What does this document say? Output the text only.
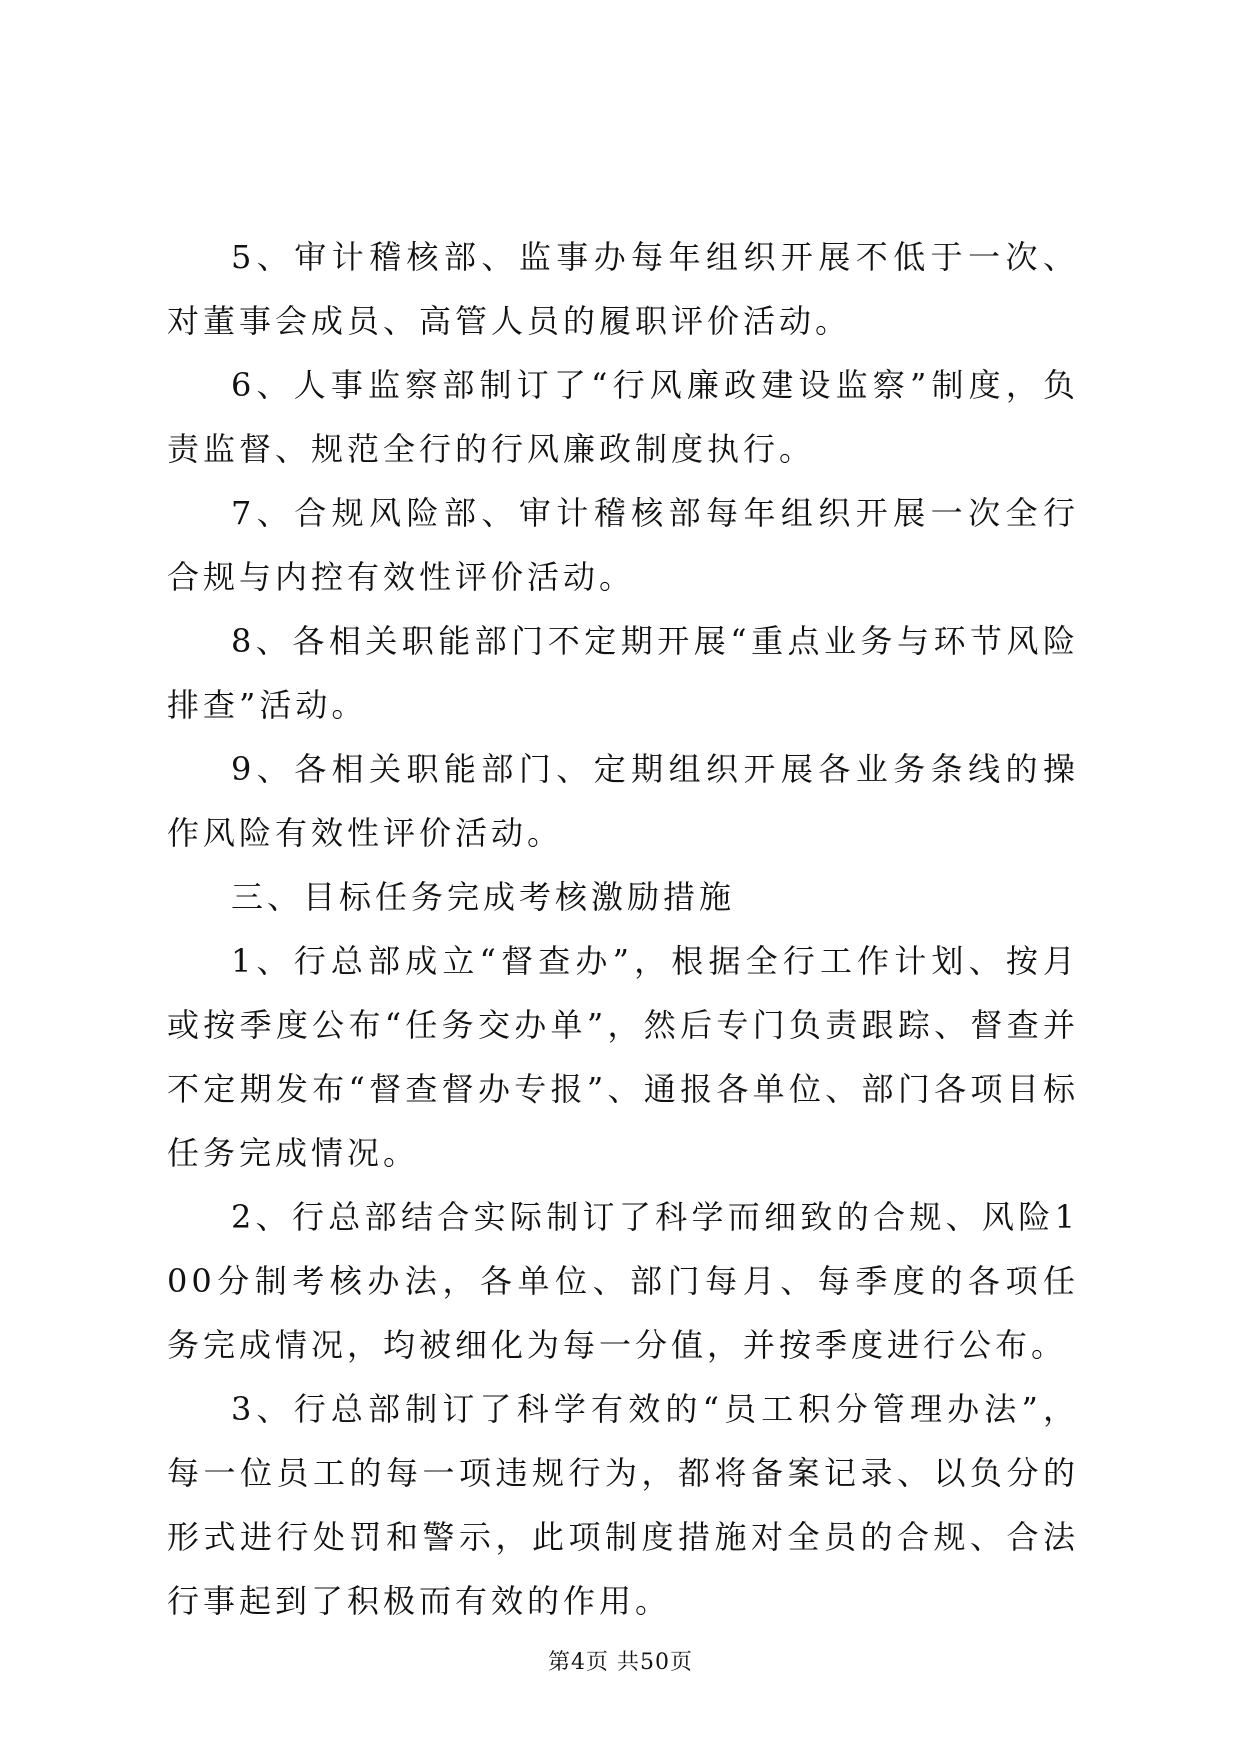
5、审计稽核部、监事办每年组织开展不低于一次、对董事会成员、高管人员的履职评价活动。

6、人事监察部制订了“行风廉政建设监察”制度，负责监督、规范全行的行风廉政制度执行。

7、合规风险部、审计稽核部每年组织开展一次全行合规与内控有效性评价活动。

8、各相关职能部门不定期开展“重点业务与环节风险排查”活动。

9、各相关职能部门、定期组织开展各业务条线的操作风险有效性评价活动。

三、目标任务完成考核激励措施

1、行总部成立“督查办”，根据全行工作计划、按月或按季度公布“任务交办单”，然后专门负责跟踪、督查并不定期发布“督查督办专报”、通报各单位、部门各项目标任务完成情况。

2、行总部结合实际制订了科学而细致的合规、风险100分制考核办法，各单位、部门每月、每季度的各项任务完成情况，均被细化为每一分值，并按季度进行公布。

3、行总部制订了科学有效的“员工积分管理办法”，每一位员工的每一项违规行为，都将备案记录、以负分的形式进行处罚和警示，此项制度措施对全员的合规、合法行事起到了积极而有效的作用。

第4页 共50页
